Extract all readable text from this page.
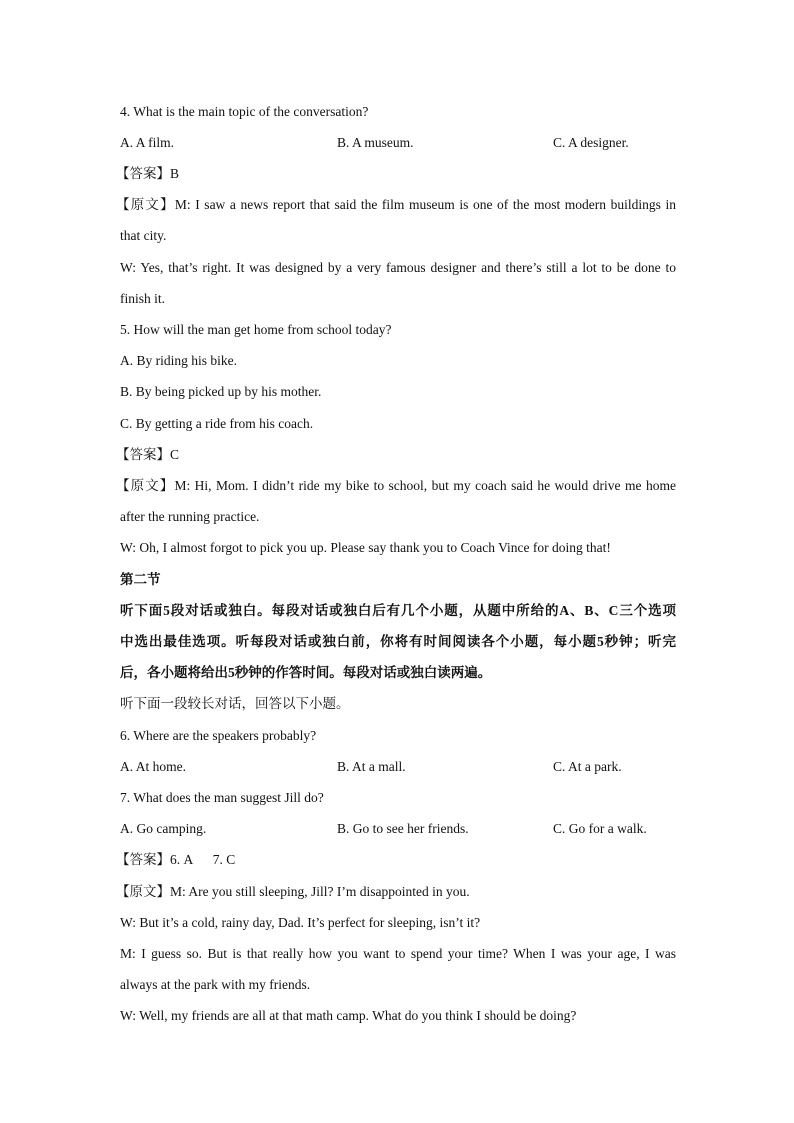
4. What is the main topic of the conversation?
A. A film.	B. A museum.	C. A designer.
【答案】B
【原文】M: I saw a news report that said the film museum is one of the most modern buildings in
that city.
W: Yes, that’s right. It was designed by a very famous designer and there’s still a lot to be done to
finish it.
5. How will the man get home from school today?
A. By riding his bike.
B. By being picked up by his mother.
C. By getting a ride from his coach.
【答案】C
【原文】M: Hi, Mom. I didn’t ride my bike to school, but my coach said he would drive me home
after the running practice.
W: Oh, I almost forgot to pick you up. Please say thank you to Coach Vince for doing that!
第二节
听下面5段对话或独白。每段对话或独白后有几个小题，从题中所给的A、B、C三个选项
中选出最佳选项。听每段对话或独白前，你将有时间阅读各个小题，每小题5秒钟；听完
后，各小题将给出5秒钟的作答时间。每段对话或独白读两遍。
听下面一段较长对话，回答以下小题。
6. Where are the speakers probably?
A. At home.	B. At a mall.	C. At a park.
7. What does the man suggest Jill do?
A. Go camping.	B. Go to see her friends.	C. Go for a walk.
【答案】6. A      7. C
【原文】M: Are you still sleeping, Jill? I’m disappointed in you.
W: But it’s a cold, rainy day, Dad. It’s perfect for sleeping, isn’t it?
M: I guess so. But is that really how you want to spend your time? When I was your age, I was
always at the park with my friends.
W: Well, my friends are all at that math camp. What do you think I should be doing?
